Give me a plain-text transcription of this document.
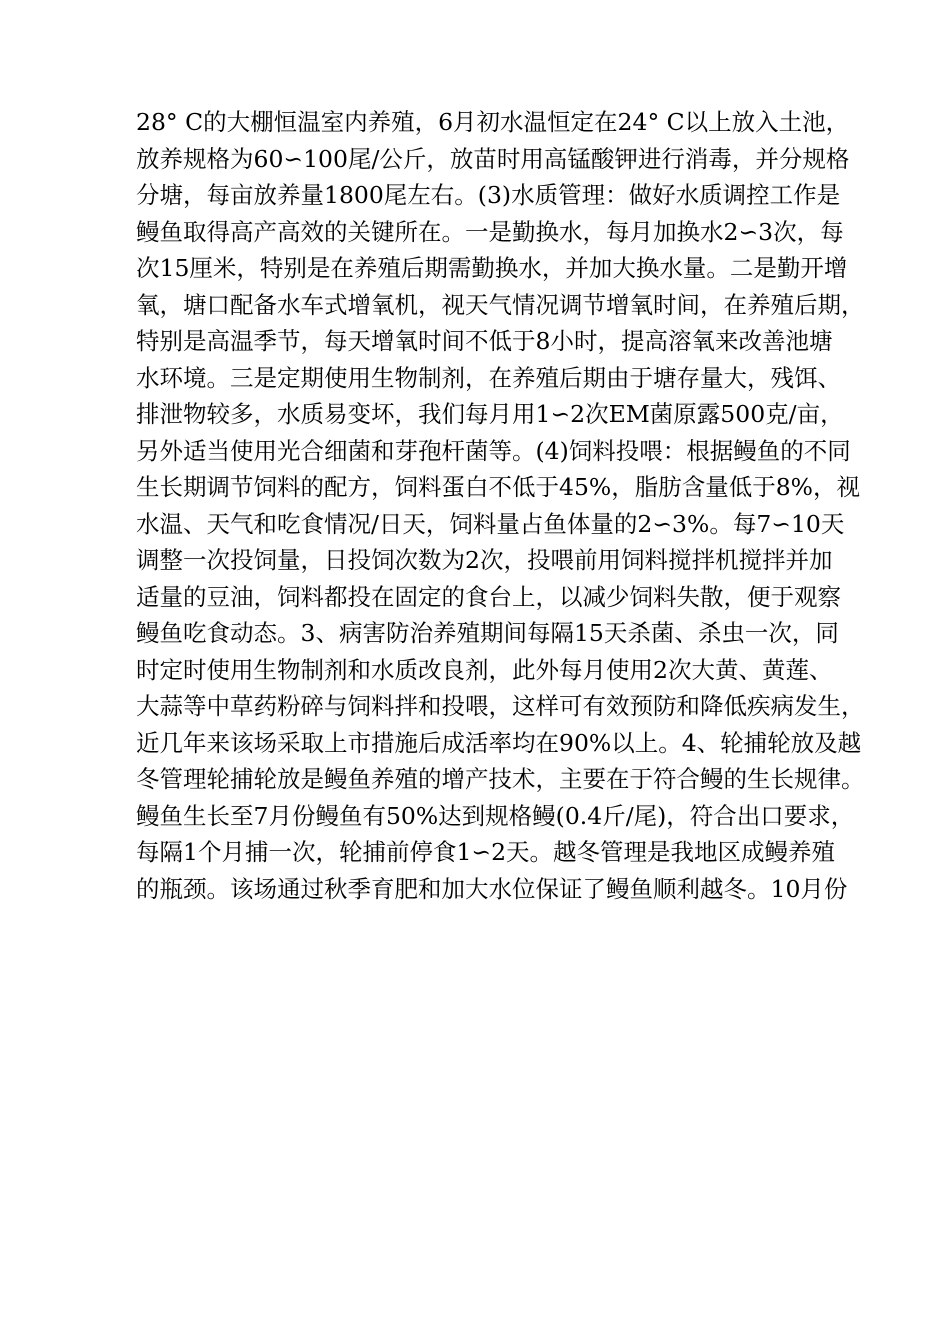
28° C的大棚恒温室内养殖，6月初水温恒定在24° C以上放入土池，
放养规格为60∽100尾/公斤，放苗时用高锰酸钾进行消毒，并分规格
分塘，每亩放养量1800尾左右。(3)水质管理：做好水质调控工作是
鳗鱼取得高产高效的关键所在。一是勤换水，每月加换水2∽3次，每
次15厘米，特别是在养殖后期需勤换水，并加大换水量。二是勤开增
氧，塘口配备水车式增氧机，视天气情况调节增氧时间，在养殖后期，
特别是高温季节，每天增氧时间不低于8小时，提高溶氧来改善池塘
水环境。三是定期使用生物制剂，在养殖后期由于塘存量大，残饵、
排泄物较多，水质易变坏，我们每月用1∽2次EM菌原露500克/亩，
另外适当使用光合细菌和芽孢杆菌等。(4)饲料投喂：根据鳗鱼的不同
生长期调节饲料的配方，饲料蛋白不低于45%，脂肪含量低于8%，视
水温、天气和吃食情况/日天，饲料量占鱼体量的2∽3%。每7∽10天
调整一次投饲量，日投饲次数为2次，投喂前用饲料搅拌机搅拌并加
适量的豆油，饲料都投在固定的食台上，以减少饲料失散，便于观察
鳗鱼吃食动态。3、病害防治养殖期间每隔15天杀菌、杀虫一次，同
时定时使用生物制剂和水质改良剂，此外每月使用2次大黄、黄莲、
大蒜等中草药粉碎与饲料拌和投喂，这样可有效预防和降低疾病发生，
近几年来该场采取上市措施后成活率均在90%以上。4、轮捕轮放及越
冬管理轮捕轮放是鳗鱼养殖的增产技术，主要在于符合鳗的生长规律。
鳗鱼生长至7月份鳗鱼有50%达到规格鳗(0.4斤/尾)，符合出口要求，
每隔1个月捕一次，轮捕前停食1∽2天。越冬管理是我地区成鳗养殖
的瓶颈。该场通过秋季育肥和加大水位保证了鳗鱼顺利越冬。10月份
